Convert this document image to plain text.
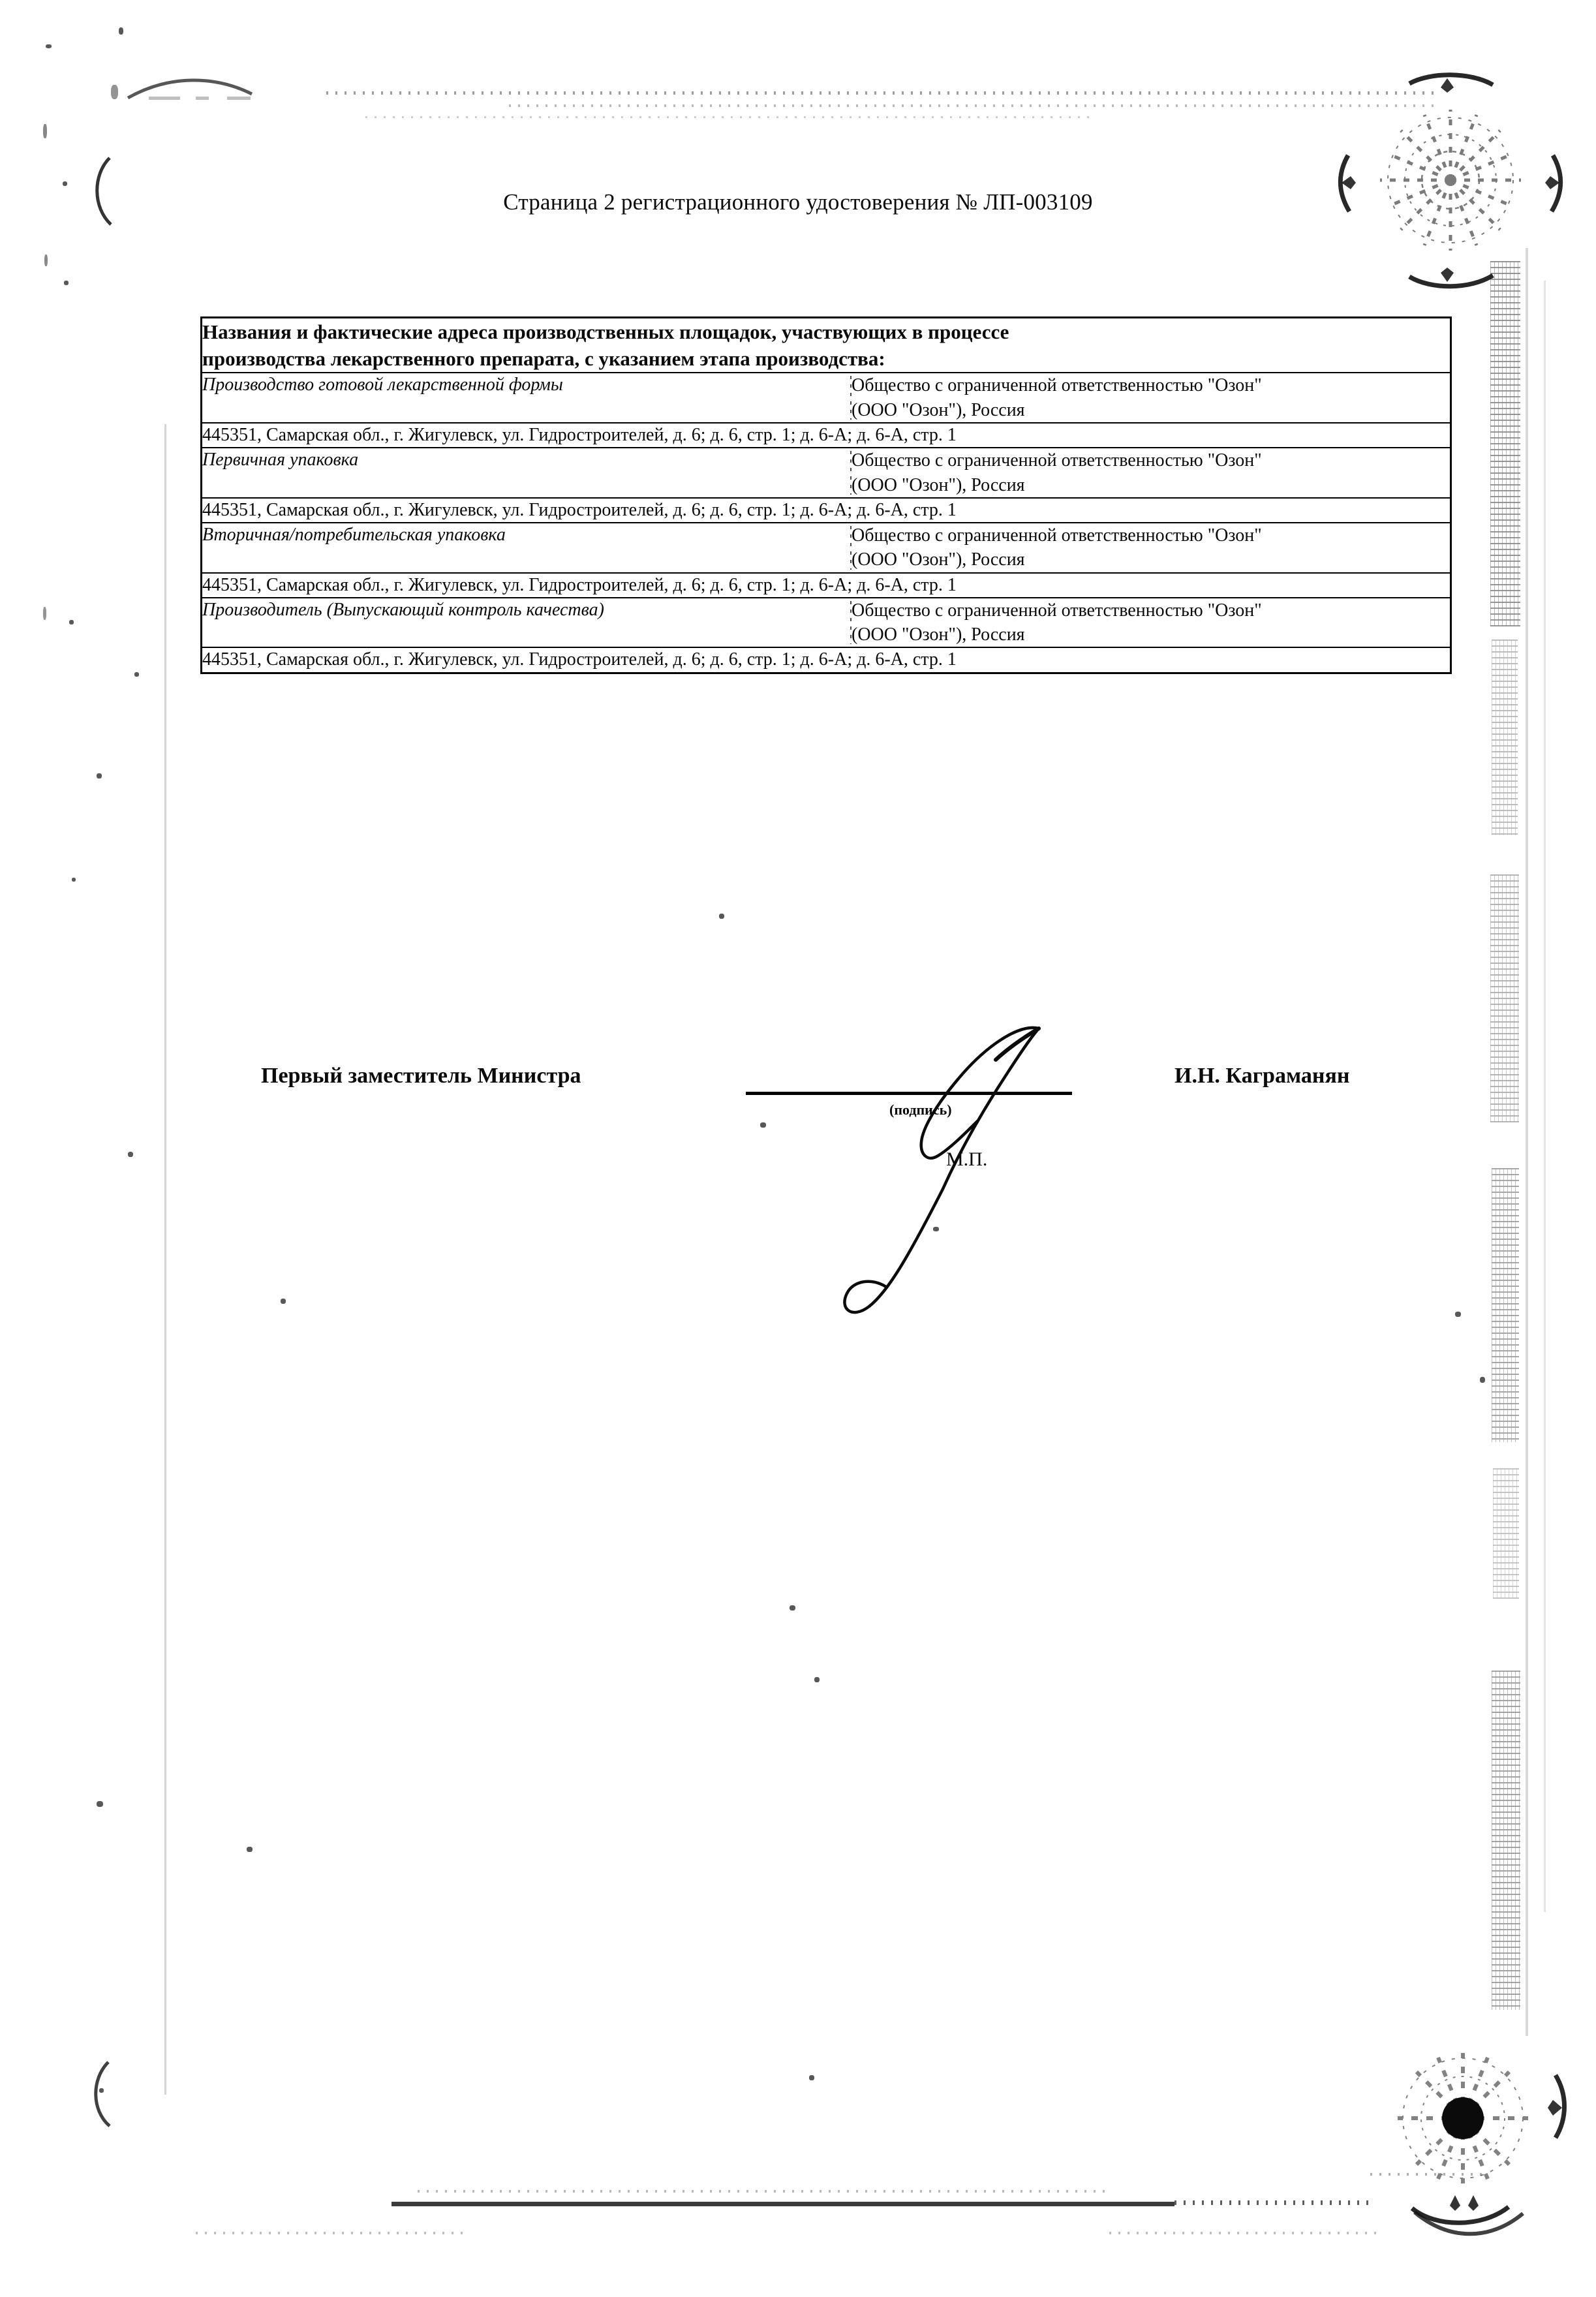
Страница 2 регистрационного удостоверения № ЛП-003109
Названия и фактические адреса производственных площадок, участвующих в процессе
производства лекарственного препарата, с указанием этапа производства:	

Производство готовой лекарственной формы	Общество с ограниченной ответственностью "Озон"
(ООО "Озон"), Россия

445351, Самарская обл., г. Жигулевск, ул. Гидростроителей, д. 6; д. 6, стр. 1; д. 6-А; д. 6-А, стр. 1	
Первичная упаковка	Общество с ограниченной ответственностью "Озон"
(ООО "Озон"), Россия

445351, Самарская обл., г. Жигулевск, ул. Гидростроителей, д. 6; д. 6, стр. 1; д. 6-А; д. 6-А, стр. 1	
Вторичная/потребительская упаковка	Общество с ограниченной ответственностью "Озон"
(ООО "Озон"), Россия

445351, Самарская обл., г. Жигулевск, ул. Гидростроителей, д. 6; д. 6, стр. 1; д. 6-А; д. 6-А, стр. 1	
Производитель (Выпускающий контроль качества)	Общество с ограниченной ответственностью "Озон"
(ООО "Озон"), Россия

445351, Самарская обл., г. Жигулевск, ул. Гидростроителей, д. 6; д. 6, стр. 1; д. 6-А; д. 6-А, стр. 1	
Первый заместитель Министра
(подпись)
М.П.
И.Н. Каграманян
